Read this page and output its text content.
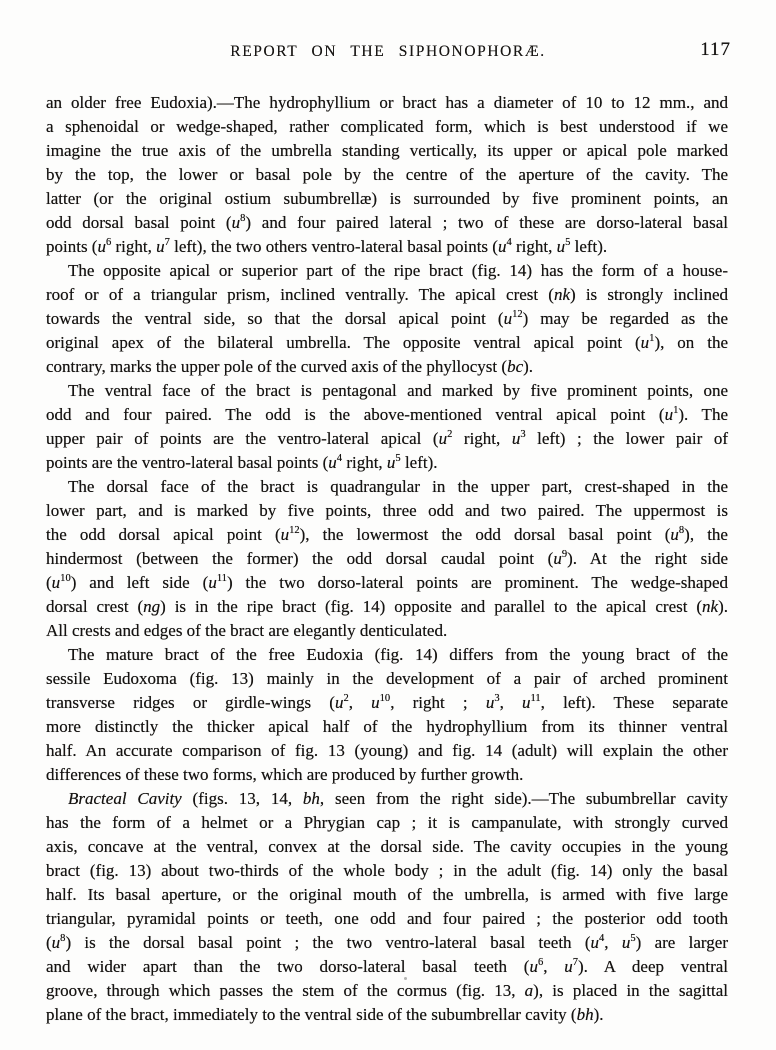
REPORT ON THE SIPHONOPHORÆ.	117
an older free Eudoxia).—The hydrophyllium or bract has a diameter of 10 to 12 mm., and
a sphenoidal or wedge-shaped, rather complicated form, which is best understood if we
imagine the true axis of the umbrella standing vertically, its upper or apical pole marked
by the top, the lower or basal pole by the centre of the aperture of the cavity. The
latter (or the original ostium subumbrellæ) is surrounded by five prominent points, an
odd dorsal basal point $(u^8)$ and four paired lateral ; two of these are dorso-lateral basal
points ($u^6$ right, $u^7$ left), the two others ventro-lateral basal points ($u^4$ right, $u^5$ left).
The opposite apical or superior part of the ripe bract (fig. 14) has the form of a house-
roof or of a triangular prism, inclined ventrally. The apical crest (nk) is strongly inclined
towards the ventral side, so that the dorsal apical point $(u^{12})$ may be regarded as the
original apex of the bilateral umbrella. The opposite ventral apical point $(u^1)$, on the
contrary, marks the upper pole of the curved axis of the phyllocyst (bc).
The ventral face of the bract is pentagonal and marked by five prominent points, one
odd and four paired. The odd is the above-mentioned ventral apical point $(u^1)$. The
upper pair of points are the ventro-lateral apical ($u^2$ right, $u^3$ left) ; the lower pair of
points are the ventro-lateral basal points ($u^4$ right, $u^5$ left).
The dorsal face of the bract is quadrangular in the upper part, crest-shaped in the
lower part, and is marked by five points, three odd and two paired. The uppermost is
the odd dorsal apical point $(u^{12})$, the lowermost the odd dorsal basal point $(u^8)$, the
hindermost (between the former) the odd dorsal caudal point $(u^9)$. At the right side
$(u^{10})$ and left side $(u^{11})$ the two dorso-lateral points are prominent. The wedge-shaped
dorsal crest (ng) is in the ripe bract (fig. 14) opposite and parallel to the apical crest (nk).
All crests and edges of the bract are elegantly denticulated.
The mature bract of the free Eudoxia (fig. 14) differs from the young bract of the
sessile Eudoxoma (fig. 13) mainly in the development of a pair of arched prominent
transverse ridges or girdle-wings ($u^2$, $u^{10}$, right ; $u^3$, $u^{11}$, left). These separate
more distinctly the thicker apical half of the hydrophyllium from its thinner ventral
half. An accurate comparison of fig. 13 (young) and fig. 14 (adult) will explain the other
differences of these two forms, which are produced by further growth.
Bracteal Cavity (figs. 13, 14, bh, seen from the right side).—The subumbrellar cavity
has the form of a helmet or a Phrygian cap ; it is campanulate, with strongly curved
axis, concave at the ventral, convex at the dorsal side. The cavity occupies in the young
bract (fig. 13) about two-thirds of the whole body ; in the adult (fig. 14) only the basal
half. Its basal aperture, or the original mouth of the umbrella, is armed with five large
triangular, pyramidal points or teeth, one odd and four paired ; the posterior odd tooth
$(u^8)$ is the dorsal basal point ; the two ventro-lateral basal teeth ($u^4$, $u^5$) are larger
and wider apart than the two dorso-lateral basal teeth ($u^6$, $u^7$). A deep ventral
groove, through which passes the stem of the cormus (fig. 13, a), is placed in the sagittal
plane of the bract, immediately to the ventral side of the subumbrellar cavity (bh).
